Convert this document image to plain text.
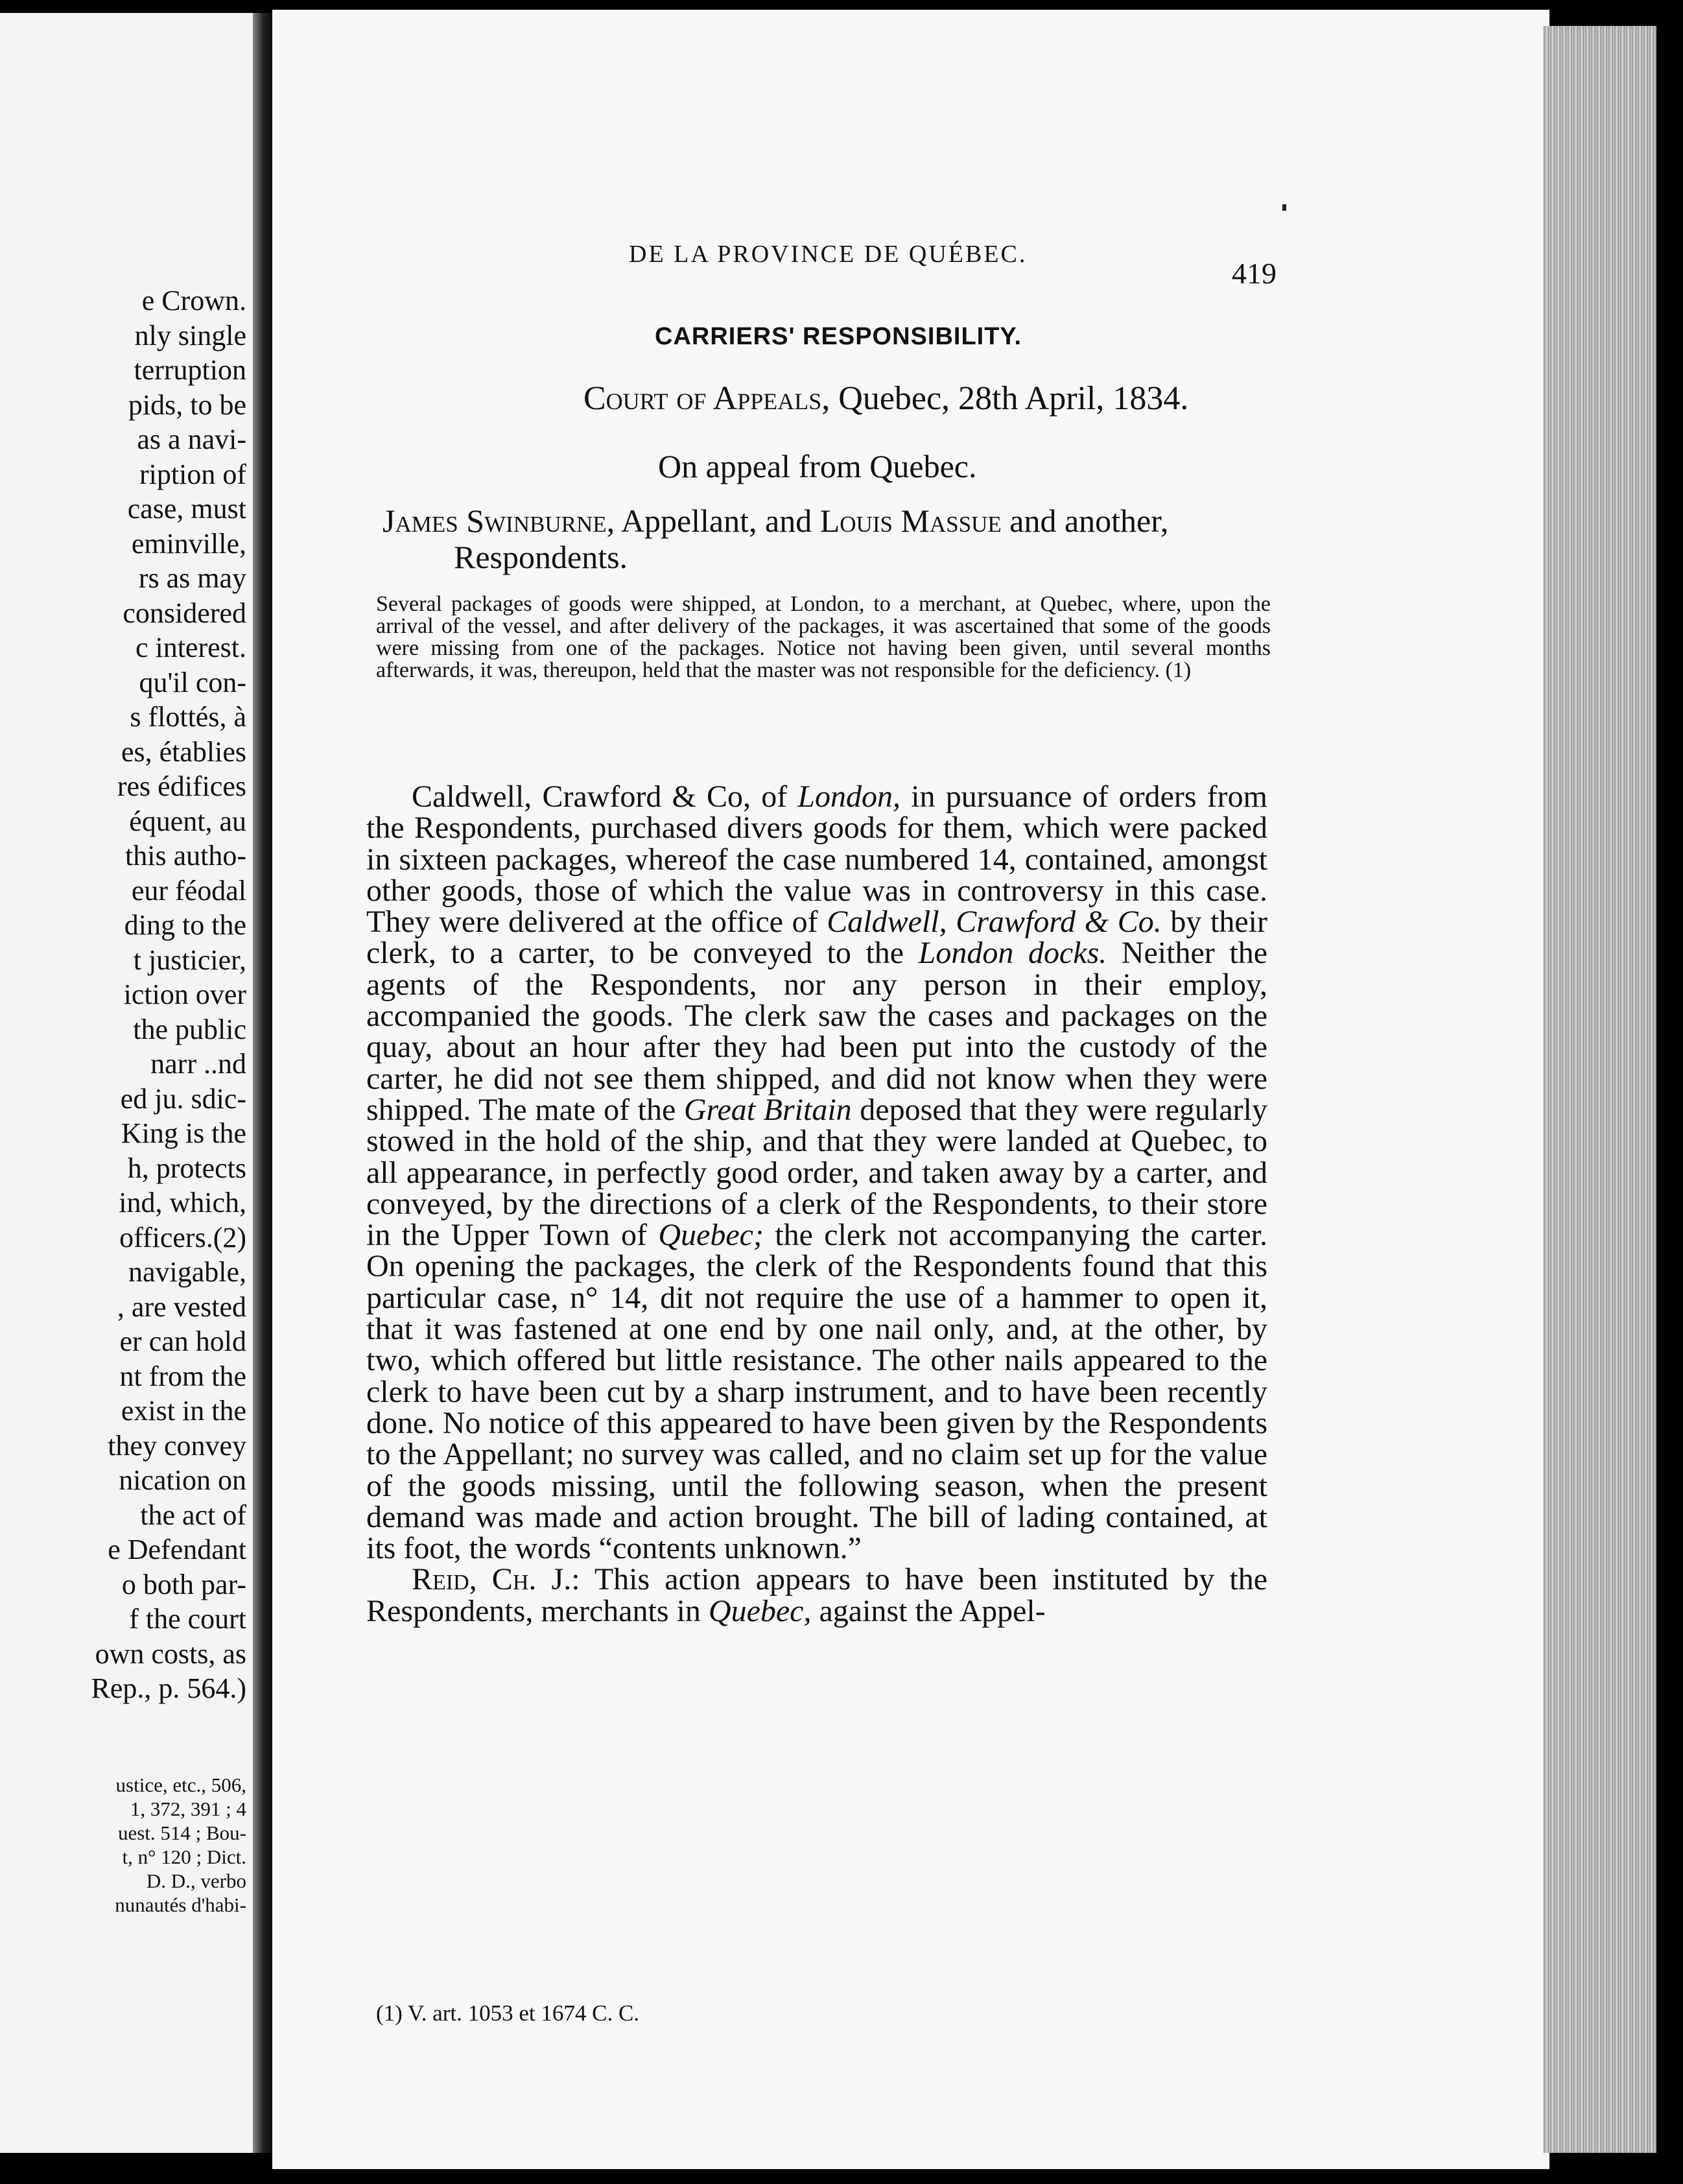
e Crown.
nly single
terruption
pids, to be
as a navi-
ription of
case, must
eminville,
rs as may
considered
c interest.
qu'il con-
s flottés, à
es, établies
res édifices
équent, au
this autho-
eur féodal
ding to the
t justicier,
iction over
the public
narr ..nd
ed ju. sdic-
King is the
h, protects
ind, which,
officers.(2)
navigable,
, are vested
er can hold
nt from the
exist in the
they convey
nication on
the act of
e Defendant
o both par-
f the court
own costs, as
Rep., p. 564.)
ustice, etc., 506,
1, 372, 391 ; 4
uest. 514 ; Bou-
t, n° 120 ; Dict.
D. D., verbo
nunautés d'habi-
DE LA PROVINCE DE QUÉBEC.
419
CARRIERS' RESPONSIBILITY.
Court of Appeals, Quebec, 28th April, 1834.
On appeal from Quebec.
James Swinburne, Appellant, and Louis Massue and another,
Respondents.
Several packages of goods were shipped, at London, to a merchant, at Quebec, where, upon the arrival of the vessel, and after delivery of the packages, it was ascertained that some of the goods were missing from one of the packages. Notice not having been given, until several months afterwards, it was, thereupon, held that the master was not responsible for the deficiency. (1)

Caldwell, Crawford & Co, of London, in pursuance of orders from the Respondents, purchased divers goods for them, which were packed in sixteen packages, whereof the case numbered 14, contained, amongst other goods, those of which the value was in controversy in this case. They were delivered at the office of Caldwell, Crawford & Co. by their clerk, to a carter, to be conveyed to the London docks. Neither the agents of the Respondents, nor any person in their employ, accompanied the goods. The clerk saw the cases and packages on the quay, about an hour after they had been put into the custody of the carter, he did not see them shipped, and did not know when they were shipped. The mate of the Great Britain deposed that they were regularly stowed in the hold of the ship, and that they were landed at Quebec, to all appearance, in perfectly good order, and taken away by a carter, and conveyed, by the directions of a clerk of the Respondents, to their store in the Upper Town of Quebec; the clerk not accompanying the carter. On opening the packages, the clerk of the Respondents found that this particular case, n° 14, dit not require the use of a hammer to open it, that it was fastened at one end by one nail only, and, at the other, by two, which offered but little resistance. The other nails appeared to the clerk to have been cut by a sharp instrument, and to have been recently done. No notice of this appeared to have been given by the Respondents to the Appellant; no survey was called, and no claim set up for the value of the goods missing, until the following season, when the present demand was made and action brought. The bill of lading contained, at its foot, the words “contents unknown.”

Reid, Ch. J.: This action appears to have been instituted by the Respondents, merchants in Quebec, against the Appel-

(1) V. art. 1053 et 1674 C. C.
